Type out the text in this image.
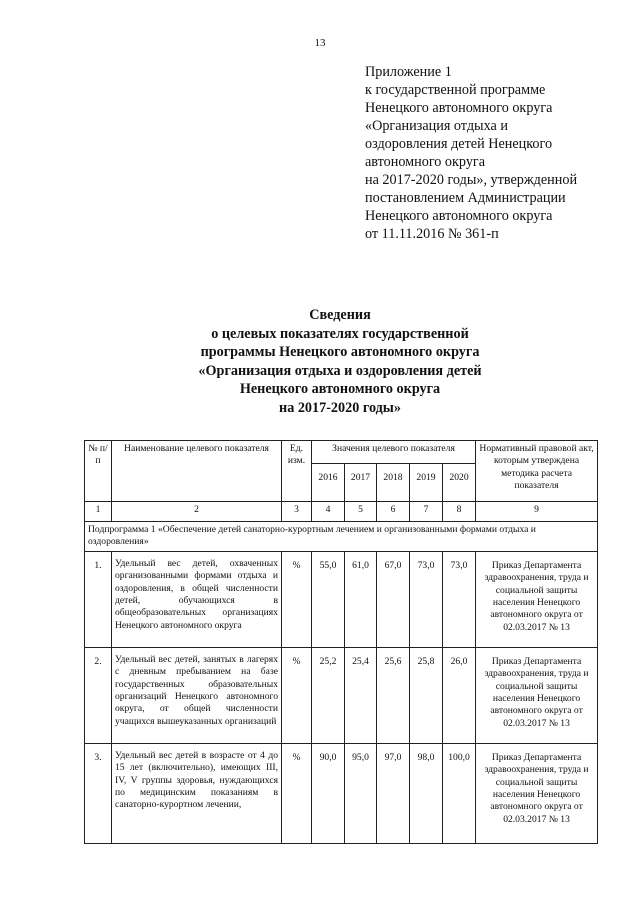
13
Приложение 1
к государственной программе
Ненецкого автономного округа
«Организация отдыха и
оздоровления детей Ненецкого
автономного округа
на 2017-2020 годы», утвержденной
постановлением Администрации
Ненецкого автономного округа
от 11.11.2016 № 361-п
Сведения
о целевых показателях государственной
программы Ненецкого автономного округа
«Организация отдыха и оздоровления детей
Ненецкого автономного округа
на 2017-2020 годы»
№ п/п	Наименование целевого показателя	Ед. изм.	Значения целевого показателя					Нормативный правовой акт, которым утверждена методика расчета показателя
			2016	2017	2018	2019	2020	
1	2	3	4	5	6	7	8	9
Подпрограмма 1 «Обеспечение детей санаторно-курортным лечением и организованными формами отдыха и оздоровления»								
1.	Удельный вес детей, охваченных организованными формами отдыха и оздоровления, в общей численности детей, обучающихся в общеобразовательных организациях Ненецкого автономного округа	%	55,0	61,0	67,0	73,0	73,0	Приказ Департамента здравоохранения, труда и социальной защиты населения Ненецкого автономного округа от 02.03.2017 № 13
2.	Удельный вес детей, занятых в лагерях с дневным пребыванием на базе государственных образовательных организаций Ненецкого автономного округа, от общей численности учащихся вышеуказанных организаций	%	25,2	25,4	25,6	25,8	26,0	Приказ Департамента здравоохранения, труда и социальной защиты населения Ненецкого автономного округа от 02.03.2017 № 13
3.	Удельный вес детей в возрасте от 4 до 15 лет (включительно), имеющих III, IV, V группы здоровья, нуждающихся по медицинским показаниям в санаторно-курортном лечении,	%	90,0	95,0	97,0	98,0	100,0	Приказ Департамента здравоохранения, труда и социальной защиты населения Ненецкого автономного округа от 02.03.2017 № 13
